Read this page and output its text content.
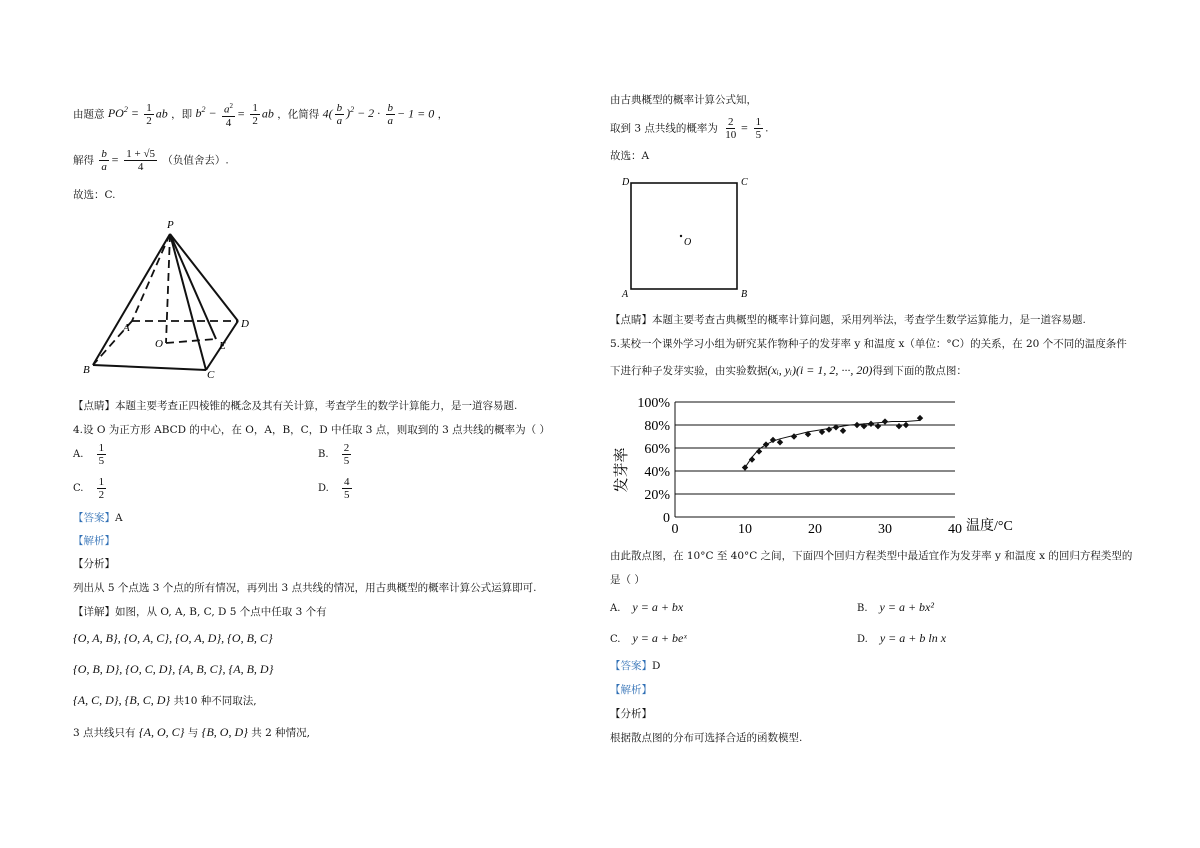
由题意 $PO^2 = \frac{1}{2}$ ab ，即 $b^2 - \frac{a^2}{4} = \frac{1}{2}$ ab ，化简得 $4( \frac{b}{a} )^2 - 2 \cdot \frac{b}{a} - 1 = 0$ ，
解得 $\frac{b}{a} = \frac{1 + √5}{4}$ （负值舍去）.
故选：C.
P
A	D
O	E
B	C
【点睛】本题主要考查正四棱锥的概念及其有关计算，考查学生的数学计算能力，是一道容易题.
4.设 O 为正方形 ABCD 的中心，在 O，A，B，C，D 中任取 3 点，则取到的 3 点共线的概率为（ ）
A. $\frac{1}{5}$	B. $\frac{2}{5}$
C. $\frac{1}{2}$	D. $\frac{4}{5}$
【答案】A
【解析】
【分析】
列出从 5 个点选 3 个点的所有情况，再列出 3 点共线的情况，用古典概型的概率计算公式运算即可.
【详解】如图，从 O, A, B, C, D 5 个点中任取 3 个有
{O, A, B}, {O, A, C}, {O, A, D}, {O, B, C}
{O, B, D}, {O, C, D}, {A, B, C}, {A, B, D}
{A, C, D}, {B, C, D} 共10 种不同取法,
3 点共线只有 {A, O, C} 与 {B, O, D} 共 2 种情况,
由古典概型的概率计算公式知，
取到 3 点共线的概率为 $\frac{2}{10} = \frac{1}{5}$ .
故选：A
D	C
O
A	B
【点睛】本题主要考查古典概型的概率计算问题，采用列举法，考查学生数学运算能力，是一道容易题.
5.某校一个课外学习小组为研究某作物种子的发芽率 y 和温度 x（单位：°C）的关系，在 20 个不同的温度条件
下进行种子发芽实验，由实验数据(xᵢ, yᵢ)(i = 1, 2, ···, 20)得到下面的散点图：
0
20%
40%
60%
80%
100%
0	10	20	30	40
发芽率
温度/°C
由此散点图，在 10°C 至 40°C 之间，下面四个回归方程类型中最适宜作为发芽率 y 和温度 x 的回归方程类型的
是（ ）
A. y = a + bx	B. y = a + bx²
C. y = a + beˣ	D. y = a + b ln x
【答案】D
【解析】
【分析】
根据散点图的分布可选择合适的函数模型.
